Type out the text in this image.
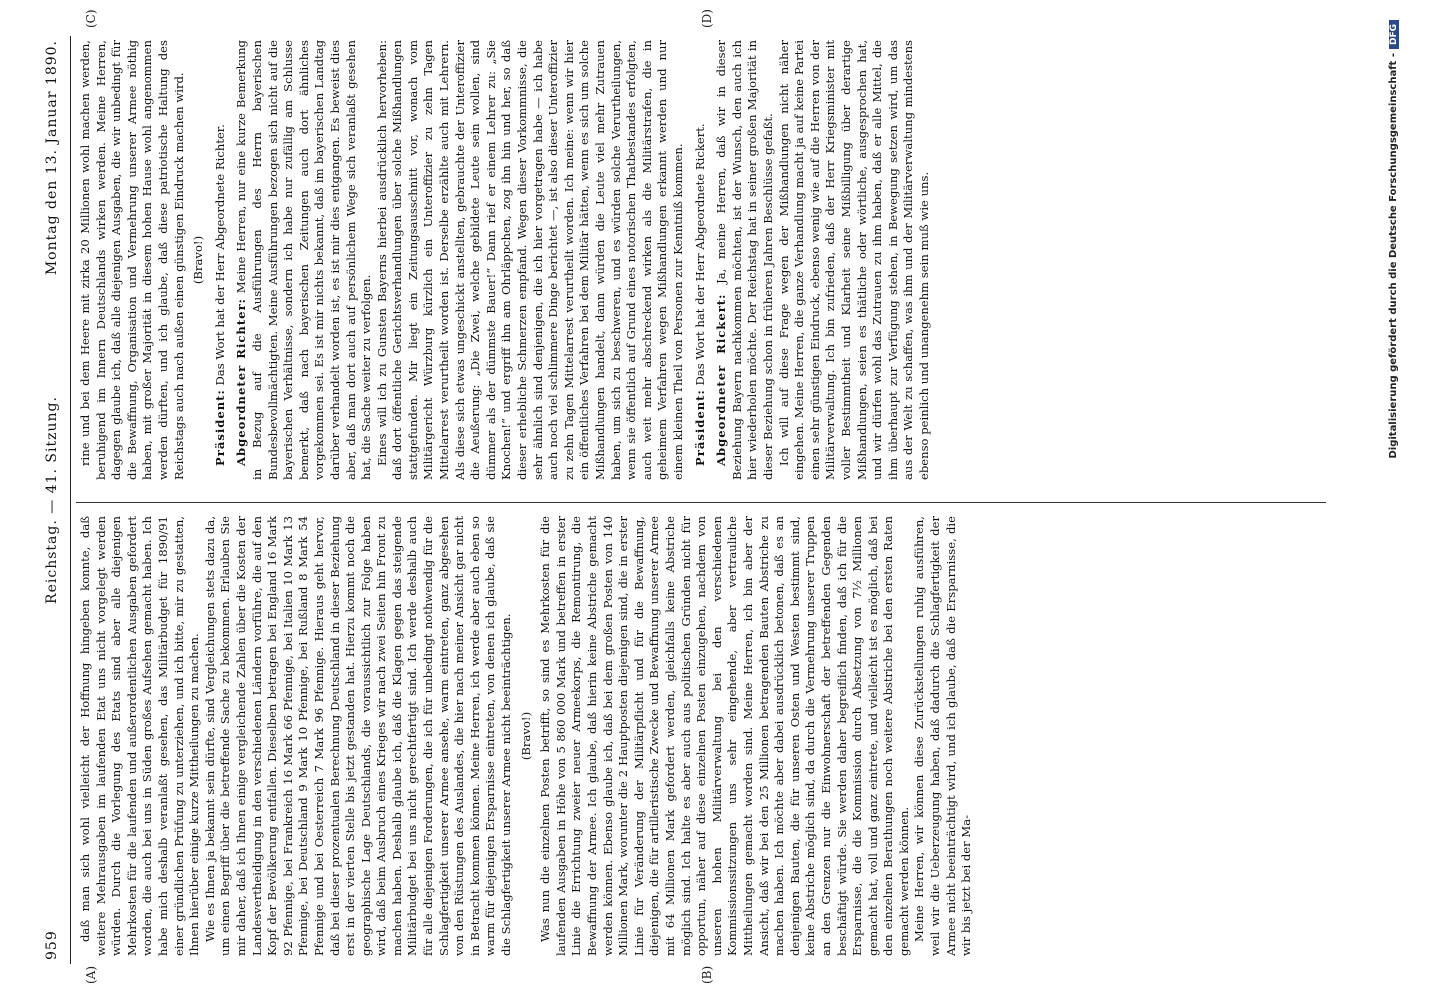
959
Reichstag. — 41. Sitzung.
Montag den 13. Januar 1890.
(A)	(B)
(C)	(D)

daß man sich wohl vielleicht der Hoffnung hingeben konnte, daß weitere Mehrausgaben im laufenden Etat uns nicht vorgelegt werden würden. Durch die Vorlegung des Etats sind aber alle diejenigen Mehrkosten für die laufenden und außerordentlichen Ausgaben gefordert worden, die auch bei uns in Süden großes Aufsehen gemacht haben. Ich habe mich deshalb veranlaßt gesehen, das Militärbudget für 1890/91 einer gründlichen Prüfung zu unterziehen, und ich bitte, mir zu gestatten, Ihnen hierüber einige kurze Mittheilungen zu machen. Wie es Ihnen ja bekannt sein dürfte, sind Vergleichungen stets dazu da, um einen Begriff über die betreffende Sache zu bekommen. Erlauben Sie mir daher, daß ich Ihnen einige vergleichende Zahlen über die Kosten der Landesvertheidigung in den verschiedenen Ländern vorführe, die auf den Kopf der Bevölkerung entfallen. Dieselben betragen bei England 16 Mark 92 Pfennige, bei Frankreich 16 Mark 66 Pfennige, bei Italien 10 Mark 13 Pfennige, bei Deutschland 9 Mark 10 Pfennige, bei Rußland 8 Mark 54 Pfennige und bei Oesterreich 7 Mark 96 Pfennige. Hieraus geht hervor, daß bei dieser prozentualen Berechnung Deutschland in dieser Beziehung erst in der vierten Stelle bis jetzt gestanden hat. Hierzu kommt noch die geographische Lage Deutschlands, die voraussichtlich zur Folge haben wird, daß beim Ausbruch eines Krieges wir nach zwei Seiten hin Front zu machen haben. Deshalb glaube ich, daß die Klagen gegen das steigende Militärbudget bei uns nicht gerechtfertigt sind. Ich werde deshalb auch für alle diejenigen Forderungen, die ich für unbedingt nothwendig für die Schlagfertigkeit unserer Armee ansehe, warm eintreten, ganz abgesehen von den Rüstungen des Auslandes, die hier nach meiner Ansicht gar nicht in Betracht kommen können. Meine Herren, ich werde aber auch eben so warm für diejenigen Ersparnisse eintreten, von denen ich glaube, daß sie die Schlagfertigkeit unserer Armee nicht beeinträchtigen. (Bravo!) Was nun die einzelnen Posten betrifft, so sind es Mehrkosten für die laufenden Ausgaben in Höhe von 5 860 000 Mark und betreffen in erster Linie die Errichtung zweier neuer Armeekorps, die Remontirung, die Bewaffnung der Armee. Ich glaube, daß hierin keine Abstriche gemacht werden können. Ebenso glaube ich, daß bei dem großen Posten von 140 Millionen Mark, worunter die 2 Hauptposten diejenigen sind, die in erster Linie für Veränderung der Militärpflicht und für die Bewaffnung, diejenigen, die für artilleristische Zwecke und Bewaffnung unserer Armee mit 64 Millionen Mark gefordert werden, gleichfalls keine Abstriche möglich sind. Ich halte es aber auch aus politischen Gründen nicht für opportun, näher auf diese einzelnen Posten einzugehen, nachdem von unseren hohen Militärverwaltung bei den verschiedenen Kommissionssitzungen uns sehr eingehende, aber vertrauliche Mittheilungen gemacht worden sind. Meine Herren, ich bin aber der Ansicht, daß wir bei den 25 Millionen betragenden Bauten Abstriche zu machen haben. Ich möchte aber dabei ausdrücklich betonen, daß es an denjenigen Bauten, die für unseren Osten und Westen bestimmt sind, keine Abstriche möglich sind, da durch die Vermehrung unserer Truppen an den Grenzen nur die Einwohnerschaft der betreffenden Gegenden beschäftigt würde. Sie werden daher begreiflich finden, daß ich für die Ersparnisse, die die Kommission durch Absetzung von 7½ Millionen gemacht hat, voll und ganz eintrete, und vielleicht ist es möglich, daß bei den einzelnen Berathungen noch weitere Abstriche bei den ersten Raten gemacht werden können. Meine Herren, wir können diese Zurückstellungen ruhig ausführen, weil wir die Ueberzeugung haben, daß dadurch die Schlagfertigkeit der Armee nicht beeinträchtigt wird, und ich glaube, daß die Ersparnisse, die wir bis jetzt bei der Ma-

rine und bei dem Heere mit zirka 20 Millionen wohl machen werden, beruhigend im Innern Deutschlands wirken werden. Meine Herren, dagegen glaube ich, daß alle diejenigen Ausgaben, die wir unbedingt für die Bewaffnung, Organisation und Vermehrung unserer Armee nöthig haben, mit großer Majorität in diesem hohen Hause wohl angenommen werden dürften, und ich glaube, daß diese patriotische Haltung des Reichstags auch nach außen einen günstigen Eindruck machen wird. (Bravo!)

Präsident: Das Wort hat der Herr Abgeordnete Richter. Abgeordneter Richter: Meine Herren, nur eine kurze Bemerkung in Bezug auf die Ausführungen des Herrn bayerischen Bundesbevollmächtigten. Meine Ausführungen bezogen sich nicht auf die bayerischen Verhältnisse, sondern ich habe nur zufällig am Schlusse bemerkt, daß nach bayerischen Zeitungen auch dort ähnliches vorgekommen sei. Es ist mir nichts bekannt, daß im bayerischen Landtag darüber verhandelt worden ist, es ist mir dies entgangen. Es beweist dies aber, daß man dort auch auf persönlichem Wege sich veranlaßt gesehen hat, die Sache weiter zu verfolgen. Eines will ich zu Gunsten Bayerns hierbei ausdrücklich hervorheben: daß dort öffentliche Gerichtsverhandlungen über solche Mißhandlungen stattgefunden. Mir liegt ein Zeitungsausschnitt vor, wonach vom Militärgericht Würzburg kürzlich ein Unteroffizier zu zehn Tagen Mittelarrest verurtheilt worden ist. Derselbe erzählte auch mit Lehrern. Als diese sich etwas ungeschickt anstellten, gebrauchte der Unteroffizier die Aeußerung: „Die Zwei, welche gebildete Leute sein wollen, sind dümmer als der dümmste Bauer!“ Dann rief er einem Lehrer zu: „Sie Knochen!“ und ergriff ihn am Ohrläppchen, zog ihn hin und her, so daß dieser erhebliche Schmerzen empfand. Wegen dieser Vorkommnisse, die sehr ähnlich sind denjenigen, die ich hier vorgetragen habe — ich habe auch noch viel schlimmere Dinge berichtet —, ist also dieser Unteroffizier zu zehn Tagen Mittelarrest verurtheilt worden. Ich meine: wenn wir hier ein öffentliches Verfahren bei dem Militär hätten, wenn es sich um solche Mißhandlungen handelt, dann würden die Leute viel mehr Zutrauen haben, um sich zu beschweren, und es würden solche Verurtheilungen, wenn sie öffentlich auf Grund eines notorischen Thatbestandes erfolgten, auch weit mehr abschreckend wirken als die Militärstrafen, die in geheimem Verfahren wegen Mißhandlungen erkannt werden und nur einem kleinen Theil von Personen zur Kenntniß kommen. Präsident: Das Wort hat der Herr Abgeordnete Rickert. Abgeordneter Rickert: Ja, meine Herren, daß wir in dieser Beziehung Bayern nachkommen möchten, ist der Wunsch, den auch ich hier wiederholen möchte. Der Reichstag hat in seiner großen Majorität in dieser Beziehung schon in früheren Jahren Beschlüsse gefaßt. Ich will auf diese Frage wegen der Mißhandlungen nicht näher eingehen. Meine Herren, die ganze Verhandlung macht ja auf keine Partei einen sehr günstigen Eindruck, ebenso wenig wie auf die Herren von der Militärverwaltung. Ich bin zufrieden, daß der Herr Kriegsminister mit voller Bestimmtheit und Klarheit seine Mißbilligung über derartige Mißhandlungen, seien es thätliche oder wörtliche, ausgesprochen hat, und wir dürfen wohl das Zutrauen zu ihm haben, daß er alle Mittel, die ihm überhaupt zur Verfügung stehen, in Bewegung setzen wird, um das aus der Welt zu schaffen, was ihm und der Militärverwaltung mindestens ebenso peinlich und unangenehm sein muß wie uns.	Digitalisierung gefördert durch die Deutsche Forschungsgemeinschaft -DFG
